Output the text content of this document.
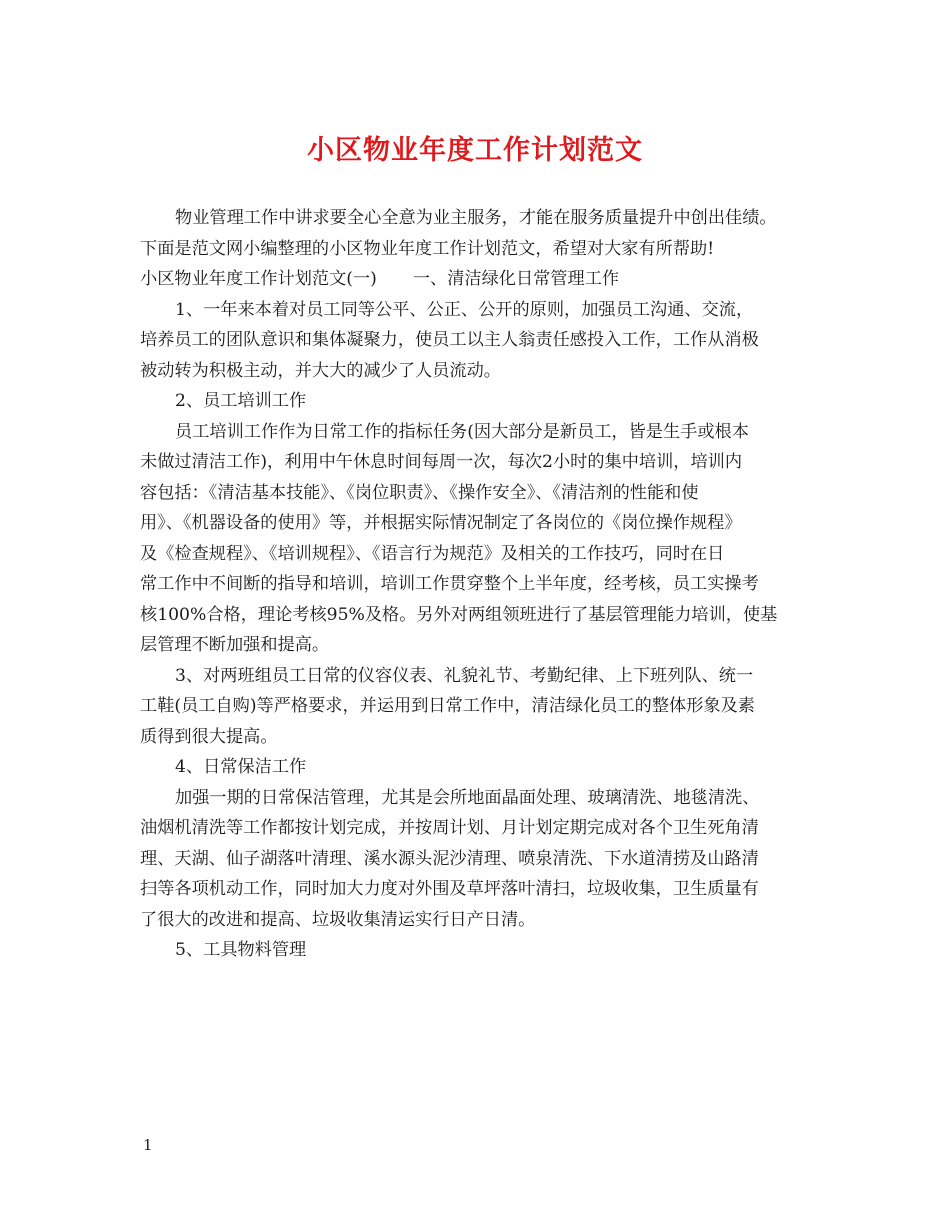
小区物业年度工作计划范文
物业管理工作中讲求要全心全意为业主服务，才能在服务质量提升中创出佳绩。
下面是范文网小编整理的小区物业年度工作计划范文，希望对大家有所帮助!
小区物业年度工作计划范文(一) 一、清洁绿化日常管理工作
1、一年来本着对员工同等公平、公正、公开的原则，加强员工沟通、交流，
培养员工的团队意识和集体凝聚力，使员工以主人翁责任感投入工作，工作从消极
被动转为积极主动，并大大的减少了人员流动。
2、员工培训工作
员工培训工作作为日常工作的指标任务(因大部分是新员工，皆是生手或根本
未做过清洁工作)，利用中午休息时间每周一次，每次2小时的集中培训，培训内
容包括：《清洁基本技能》、《岗位职责》、《操作安全》、《清洁剂的性能和使
用》、《机器设备的使用》等，并根据实际情况制定了各岗位的《岗位操作规程》
及《检查规程》、《培训规程》、《语言行为规范》及相关的工作技巧，同时在日
常工作中不间断的指导和培训，培训工作贯穿整个上半年度，经考核，员工实操考
核100%合格，理论考核95%及格。另外对两组领班进行了基层管理能力培训，使基
层管理不断加强和提高。
3、对两班组员工日常的仪容仪表、礼貌礼节、考勤纪律、上下班列队、统一
工鞋(员工自购)等严格要求，并运用到日常工作中，清洁绿化员工的整体形象及素
质得到很大提高。
4、日常保洁工作
加强一期的日常保洁管理，尤其是会所地面晶面处理、玻璃清洗、地毯清洗、
油烟机清洗等工作都按计划完成，并按周计划、月计划定期完成对各个卫生死角清
理、天湖、仙子湖落叶清理、溪水源头泥沙清理、喷泉清洗、下水道清捞及山路清
扫等各项机动工作，同时加大力度对外围及草坪落叶清扫，垃圾收集，卫生质量有
了很大的改进和提高、垃圾收集清运实行日产日清。
5、工具物料管理
1
